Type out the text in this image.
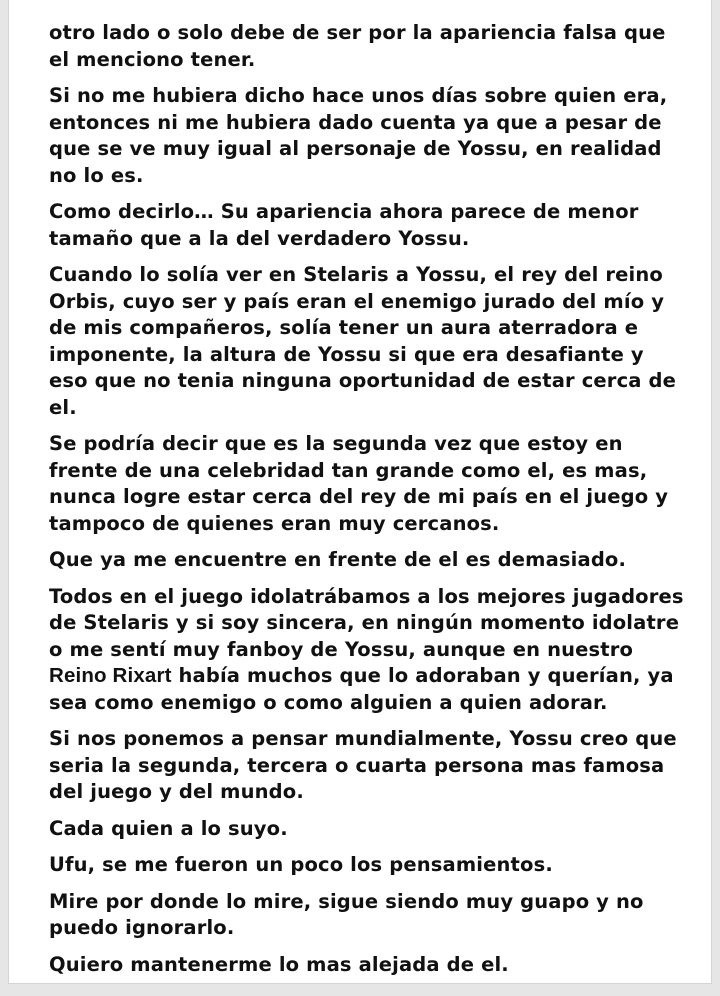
otro lado o solo debe de ser por la apariencia falsa que el menciono tener.

Si no me hubiera dicho hace unos días sobre quien era, entonces ni me hubiera dado cuenta ya que a pesar de que se ve muy igual al personaje de Yossu, en realidad no lo es.

Como decirlo… Su apariencia ahora parece de menor tamaño que a la del verdadero Yossu.

Cuando lo solía ver en Stelaris a Yossu, el rey del reino Orbis, cuyo ser y país eran el enemigo jurado del mío y de mis compañeros, solía tener un aura aterradora e imponente, la altura de Yossu si que era desafiante y eso que no tenia ninguna oportunidad de estar cerca de el.

Se podría decir que es la segunda vez que estoy en frente de una celebridad tan grande como el, es mas, nunca logre estar cerca del rey de mi país en el juego y tampoco de quienes eran muy cercanos.

Que ya me encuentre en frente de el es demasiado.

Todos en el juego idolatrábamos a los mejores jugadores de Stelaris y si soy sincera, en ningún momento idolatre o me sentí muy fanboy de Yossu, aunque en nuestro Reino Rixart había muchos que lo adoraban y querían, ya sea como enemigo o como alguien a quien adorar.

Si nos ponemos a pensar mundialmente, Yossu creo que seria la segunda, tercera o cuarta persona mas famosa del juego y del mundo.

Cada quien a lo suyo.

Ufu, se me fueron un poco los pensamientos.

Mire por donde lo mire, sigue siendo muy guapo y no puedo ignorarlo.

Quiero mantenerme lo mas alejada de el.
